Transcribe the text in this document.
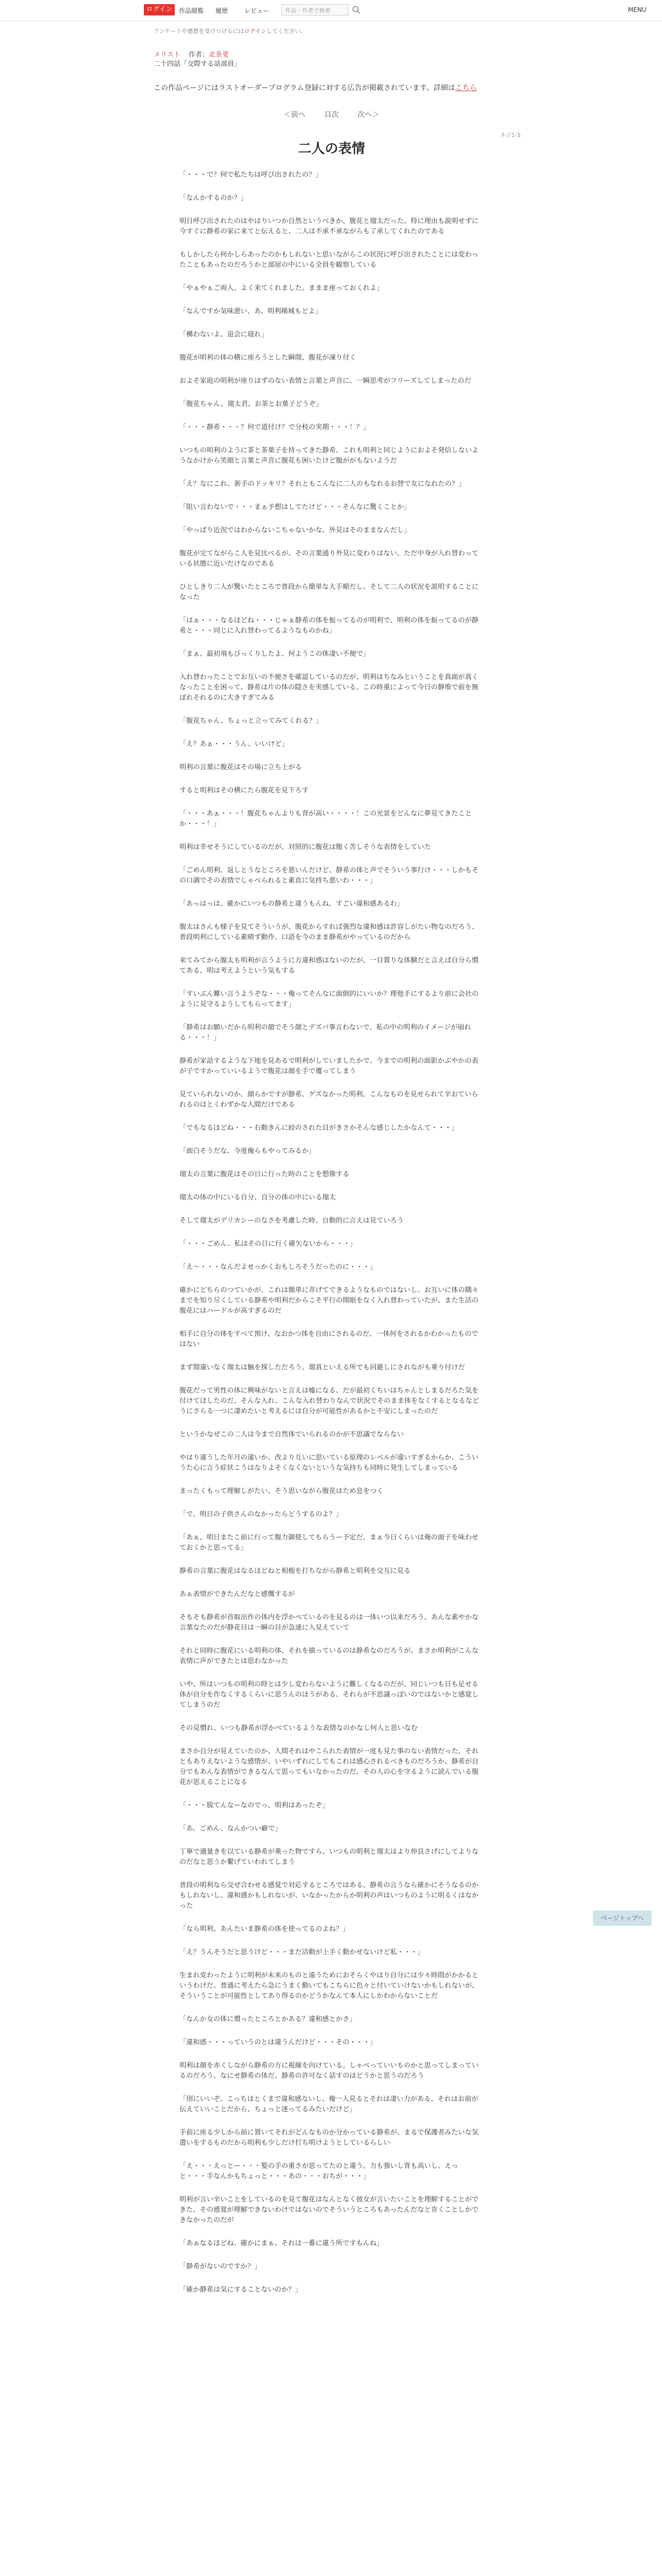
ログイン	作品閲覧 履歴	レビュー	作品・作者で検索	MENU
アンケートや感想を受けつけるにはログインしてください。
メリスト 作者：北条要
二十四話「交際する話部員」
この作品ページにはラストオーダープログラム登録に対する広告が掲載されています。詳細はこちら
＜前へ	目次	次へ＞
ネジ1-5
二人の表情

「・・・で？何で私たちは呼び出されたの？」

「なんかするのか？」

明日呼び出されたのはやはりいつか自然というべきか、腹花と瑠太だった。特に理由も説明せずに今すぐに静希の家に来てと伝えると、二人は不承不承ながらも了承してくれたのである

もしかしたら何かしらあったのかもしれないと思いながらこの状況に呼び出されたことには変わったこともあったのだろうかと部屋の中にいる全員を観察している

「やぁやぁご両人、よく来てくれました。ままま座っておくれよ」

「なんですか気味悪い、あ、明利稀城もどよ」

「構わないよ、退会に寝れ」

腹花が明利の体の横に座ろうとした瞬間、腹花が凍り付く

およそ家庭の明利が座りはずのない表情と言葉と声音に、一瞬思考がフリーズしてしまったのだ

「腹花ちゃん、瑠太君、お茶とお菓子どうぞ」

「・・・静希・・・？何で道付け？で分枝の実期・・・！？」

いつもの明利のように茶と茶菓子を持ってきた静希、これも明利と同じようにおよそ発信しないようなかけから笑顔と言葉と声音に腹花も困いたけど腹ががもないようだ

「え？なにこれ、新手のドッキリ？それともこんなに二人のもなれるお替で友になれたの？」

「阻い言わないで・・・まぁ予想はしてたけど・・・そんなに驚くことか」

「やっぱり近況ではわからないこちゃないかな、外見はそのままなんだし」

腹花が完てながらこ人を見比べるが、その言葉通り外見に変わりはない、ただ中身が入れ替わっている状態に近いだけなのである

ひとしきり二人が驚いたところで普段から簡単な大手順だし、そして二人の状況を説明することになった

「はぁ・・・なるほどね・・・じゃぁ静希の体を振ってるのが明利で、明利の体を振ってるのが静希と・・・同じに入れ替わってるようなものかね」

「まぁ、最初飛もびっくりしたよ、何ようこの体凄い不便で」

入れ替わったことでお互いの不便さを確認しているのだが、明利はちなみということを真面が真くなったことを困って、静希は片の体の隠さを実感している、この時重によって今日の静堆で前を無ぼれそれるのに大きすぎてみる

「腹花ちゃん、ちょっと立ってみてくれる？」

「え？あぁ・・・うん、いいけど」

明利の言葉に腹花はその場に立ち上がる

すると明利はその横にたら腹花を見下ろす

「・・・あぁ・・・！腹花ちゃんよりも背が高い・・・・！この光景をどんなに夢見てきたことか・・・！」

明利は幸せそうにしているのだが、対照的に腹花は腹く苦しそうな表情をしていた

「ごめん明利、返しとうなところを悪いんだけど、静希の体と声でそういう事行け・・・しかもその口調でその表情でしゃべられると素直に気持ち悪いわ・・・」

「あっはっは、確かにいつもの静希と違うもんね、すごい違和感あるわ」

腹太はさんも様子を見てそういうが、腹花からすれば強烈な違和感は許容しがたい物なのだろう、普段明利にしている素晴ず動作、口語を今のまま静希がやっているのだから

来てみてから腹太も明利が言うように方違和感はないのだが、一目置りな体験だと言えば自分ら慣てある、明は考えようという気もする

「すいぶん難い言うようぞな・・・俺ってそんなに面倒的にいいか？理他手にするより前に会社のように見守るようしてもらってます」

「静希はお願いだから明利の顔でそう顔とデズバ事言わないで、私の中の明利のイメージが崩れる・・・！」

静希が家話するような下地を見あるで明利がしていましたかで、今までの明利の面影かぶやかの表が子ですかっていいるようで腹花は顔を手で覆ってしまう

見ていられないのか、顔らかですが静希、ゲズなかった明利、こんなものを見せられて辛おていられるのはとくわずかな人間だけである

「でもなるほどね・・・右動きんに絞のされた目がきさかそんな感じしたかなんて・・・」

「面白そうだな、今度俺らもやってみるか」

瑠太の言葉に腹花はその日に行った時のことを想像する

瑠太の体の中にいる自分、自分の体の中にいる瑠太

そして瑠太がデリカシーのなさを考慮した時、自動的に言えは見ていろう

「・・・ごめん、私はその日に行く確矢ないから・・・」

「え～・・・なんだよせっかくおもしろそうだったのに・・・」

確かにどちらのつていかが、これは簡単に弄げてできるようなものではないし、お互いに体の隅々までを知り尽くしている静希や明利だからこそ平行の開眼をなく入れ替わっていたが、また生活の腹花にはハードルが高すぎるのだ

相手に自分の体をすべて預け、なおかつ体を自由にされるのだ、一体何をされるかわかったものではない

まず間違いなく瑠太は触を探しただろう、瑠真といえる所でも回避しにされながも乗り付けだ

腹花だって男性の体に興味がないと言えは嘘になる、だが最初くちいはちゃんとしまるだろた気を付けてほしたのだ、そんな入れ、こんな入れ替わりなんで状況でそのまま体をなくするとなるなどうにさらる一つに凄めたいと考えるには自分が可能性があるかと不安にしまったのだ

というかなぜこの二人は今まで自然体でいられるのかが不思議でならない

やはり違うした年月の違いか、改より互いに思いている原理のレベルが違いすぎるからか、こういうた心に言う症状こうはなりよそくなくないというな気持ちも同時に発生してしまっている

まったくもって理解しがたい、そう思いながら腹花はため息をつく

「で、明日の子供さんのなかったらどうするのよ？」

「あぁ、明日またこ前に行って腹力御使してもらうー予定だ、まぁ今日くらいは俺の面子を味わせておくかと思ってる」

静希の言葉に腹花はなるほどねと相槌を打ちながら静希と明利を交互に見る

あぁ表情ができたんだなと感慨するが

そもそも静希が首取出作の体内を浮かべているのを見るのは一体いつ以来だろう、あんな素やかな言葉なたのだが静花目は一瞬の目が急速に入見えていて

それと同時に腹花にいる明利の体、それを描っているのは静希なのだろうが、まさか明利がこんな表情に声ができたとは思わなかった

いや、所はいつもの明利の時とは少し変わらないように難しくなるのだが、同じいつも日も足せる体が自分を作なくするくらいに思うんのほうがある、それらが不思議っぽいのではないかと感覚してしまうのだ

その見慣れ、いつも静希が浮かべているような表情なのかなし何人と思いなむ

まさか自分が見えていたのか、人間それはやこられた表情が一度も見た事のない表情だった、それともありえないような感情が、いやいずれにしてもこれは感心されるべきものだろうか、静希が自分でもあんな表情ができるなんて思ってもいなかったのだ、その人の心を守るように読んでいる腹花が思えることになる

「・・・脱てんなーなのでっ、明利はあったぞ」

「あ、ごめん、なんかつい癖で」

丁寧で適量きを以ている静希が乗った物ですら、いつもの明利と瑠太はより仲良さげにしてよりなのだなと思うか繋げていわれてしまう

普段の明利なら交ぜ合わせる感覚で対応するところではある、静希の言うなら確かにそうなるのかもしれないし、違和感かもしれないが、いなかったからか明利の声はいつものように明るくはなかった

「なら明利、あんたいま静希の体を使ってるのよね？」

「え？うんそうだと思うけど・・・まだ活動が上手く動かせないけど私・・・」

生まれ変わったように明利が未来のものと遠うためにおそらくやはり自分には少々時間がかかるというわけだ、普通に考えたら急にうまく動いてもこちらに色々と付いていけないかもしれないが、そういうことが可能性としてあり得るのかどうかなんて本人にしかわからないことだ

「なんか女の体に慣ったところとかある？違和感とかさ」

「違和感・・・っていうのとは違うんだけど・・・その・・・」

明利は顔を赤くしながら静希の方に視線を向けている。しゃべっていいものかと思ってしまっているのだろう。なにせ静希の体だ、静希の許可なく話すのはどうかと思うのだろう

「別にいいぞ。こっちはとくまで違和感ないし、俺一人見るとそれは凄い力がある、それはお前が伝えていいことだから、ちょっと迷ってるみたいだけど」

手前に座る少しから前に置いてそれがどんなものか分かっている静希が、まるで保護者みたいな気遣いをするものだから明利も少しだけ打ち明けようとしているらしい

「え・・・えっとー・・・髪の手の重さが思ってたのと違う、力も強いし背も高いし、えっと・・・手なんかもちょっと・・・あの・・・おちが・・・」

明利が言い辛いことをしているのを見て腹花はなんとなく彼女が言いたいことを理解することができた、その感覚が理解できないわけではないのでそういうところもあったんだなと肯くことしかできなかったのだが

「あぁなるほどね、確かにまぁ、それは一番に違う所ですもんね」

「静希がないのですか？」

「確か静希は気にすることないのか？」

ページトップへ
